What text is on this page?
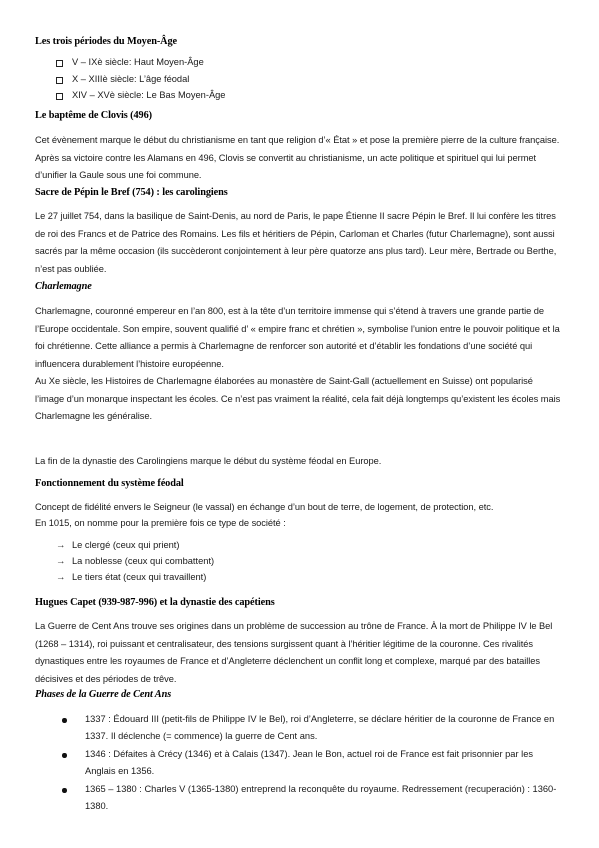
Les trois périodes du Moyen-Âge
V – IXè siècle: Haut Moyen-Âge
X – XIIIè siècle: L’âge féodal
XIV – XVè siècle: Le Bas Moyen-Âge
Le baptême de Clovis (496)

Cet évènement marque le début du christianisme en tant que religion d’« État » et pose la première pierre de la culture française. Après sa victoire contre les Alamans en 496, Clovis se convertit au christianisme, un acte politique et spirituel qui lui permet d’unifier la Gaule sous une foi commune.

Sacre de Pépin le Bref (754) : les carolingiens

Le 27 juillet 754, dans la basilique de Saint-Denis, au nord de Paris, le pape Étienne II sacre Pépin le Bref. Il lui confère les titres de roi des Francs et de Patrice des Romains. Les fils et héritiers de Pépin, Carloman et Charles (futur Charlemagne), sont aussi sacrés par la même occasion (ils succèderont conjointement à leur père quatorze ans plus tard). Leur mère, Bertrade ou Berthe, n’est pas oubliée.

Charlemagne

Charlemagne, couronné empereur en l’an 800, est à la tête d’un territoire immense qui s’étend à travers une grande partie de l’Europe occidentale. Son empire, souvent qualifié d’ « empire franc et chrétien », symbolise l’union entre le pouvoir politique et la foi chrétienne. Cette alliance a permis à Charlemagne de renforcer son autorité et d’établir les fondations d’une société qui influencera durablement l’histoire européenne.

Au Xe siècle, les Histoires de Charlemagne élaborées au monastère de Saint-Gall (actuellement en Suisse) ont popularisé l’image d’un monarque inspectant les écoles. Ce n’est pas vraiment la réalité, cela fait déjà longtemps qu’existent les écoles mais Charlemagne les généralise.

La fin de la dynastie des Carolingiens marque le début du système féodal en Europe.

Fonctionnement du système féodal

Concept de fidélité envers le Seigneur (le vassal) en échange d’un bout de terre, de logement, de protection, etc.

En 1015, on nomme pour la première fois ce type de société :

→ Le clergé (ceux qui prient)
→ La noblesse (ceux qui combattent)
→ Le tiers état (ceux qui travaillent)
Hugues Capet (939-987-996) et la dynastie des capétiens

La Guerre de Cent Ans trouve ses origines dans un problème de succession au trône de France. À la mort de Philippe IV le Bel (1268 – 1314), roi puissant et centralisateur, des tensions surgissent quant à l’héritier légitime de la couronne. Ces rivalités dynastiques entre les royaumes de France et d’Angleterre déclenchent un conflit long et complexe, marqué par des batailles décisives et des périodes de trêve.

Phases de la Guerre de Cent Ans

1337 : Édouard III (petit-fils de Philippe IV le Bel), roi d’Angleterre, se déclare héritier de la couronne de France en 1337. Il déclenche (= commence) la guerre de Cent ans.

1346 : Défaites à Crécy (1346) et à Calais (1347). Jean le Bon, actuel roi de France est fait prisonnier par les Anglais en 1356.

1365 – 1380 : Charles V (1365-1380) entreprend la reconquête du royaume. Redressement (recuperación) : 1360- 1380.
